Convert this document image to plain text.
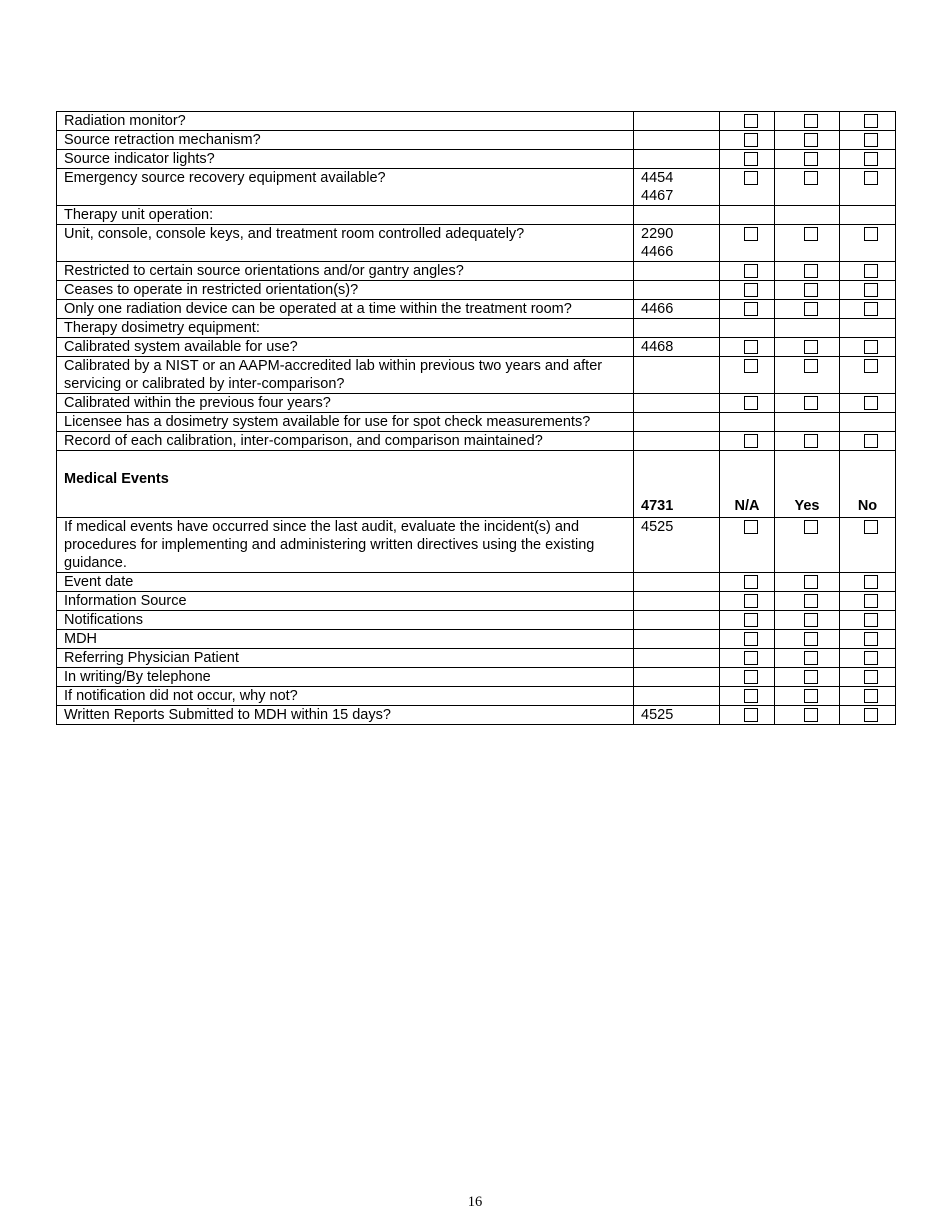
Radiation monitor?				
Source retraction mechanism?				
Source indicator lights?				
Emergency source recovery equipment available?	4454
4467			
Therapy unit operation:				
Unit, console, console keys, and treatment room controlled adequately?	2290
4466			
Restricted to certain source orientations and/or gantry angles?				
Ceases to operate in restricted orientation(s)?				
Only one radiation device can be operated at a time within the treatment room?	4466			
Therapy dosimetry equipment:				
Calibrated system available for use?	4468			
Calibrated by a NIST or an AAPM-accredited lab within previous two years and after servicing or calibrated by inter-comparison?				
Calibrated within the previous four years?				
Licensee has a dosimetry system available for use for spot check measurements?				
Record of each calibration, inter-comparison, and comparison maintained?				
Medical Events	4731	N/A	Yes	No
If medical events have occurred since the last audit, evaluate the incident(s) and procedures for implementing and administering written directives using the existing guidance.	4525			
Event date				
Information Source				
Notifications				
MDH				
Referring Physician Patient				
In writing/By telephone				
If notification did not occur, why not?				
Written Reports Submitted to MDH within 15 days?	4525			
16
